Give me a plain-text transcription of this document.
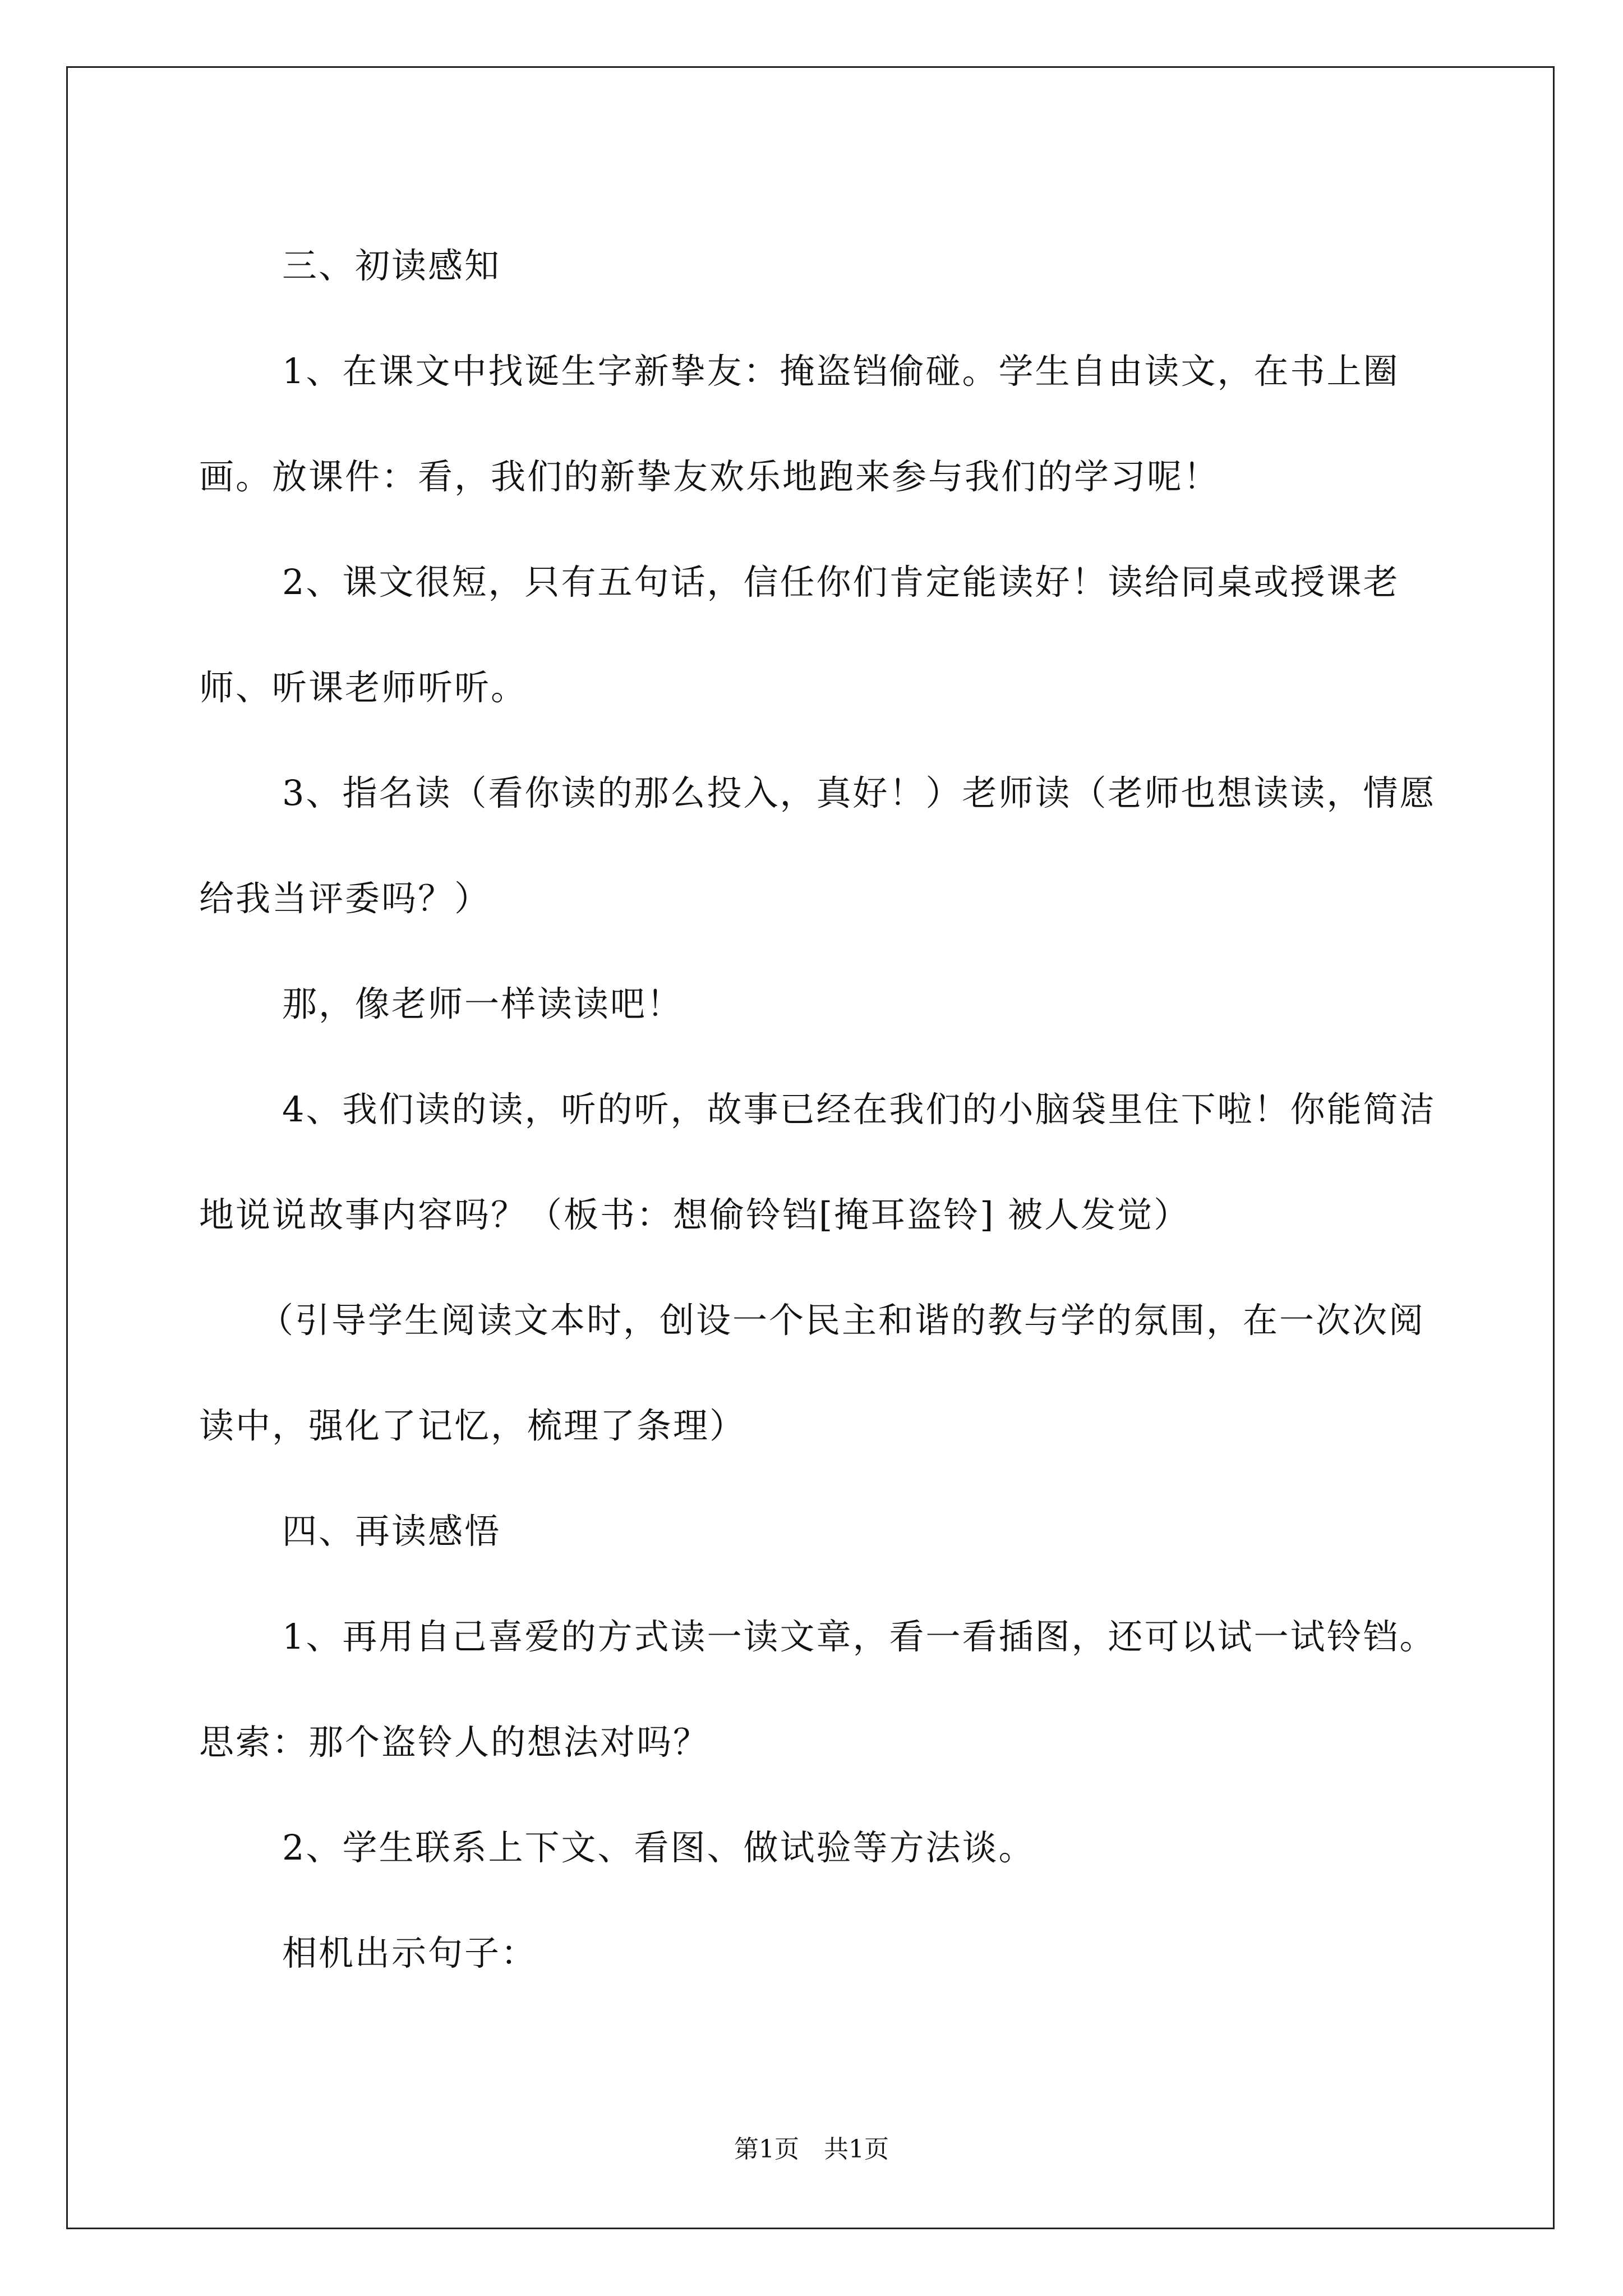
三、初读感知

1、在课文中找诞生字新挚友：掩盗铛偷碰。学生自由读文，在书上圈画。放课件：看，我们的新挚友欢乐地跑来参与我们的学习呢！

2、课文很短，只有五句话，信任你们肯定能读好！读给同桌或授课老师、听课老师听听。

3、指名读（看你读的那么投入，真好！）老师读（老师也想读读，情愿给我当评委吗？）

那，像老师一样读读吧！

4、我们读的读，听的听，故事已经在我们的小脑袋里住下啦！你能简洁地说说故事内容吗？（板书：想偷铃铛[掩耳盗铃] 被人发觉）

（引导学生阅读文本时，创设一个民主和谐的教与学的氛围，在一次次阅读中，强化了记忆，梳理了条理）

四、再读感悟

1、再用自己喜爱的方式读一读文章，看一看插图，还可以试一试铃铛。思索：那个盗铃人的想法对吗？

2、学生联系上下文、看图、做试验等方法谈。

相机出示句子：

第1页　共1页
